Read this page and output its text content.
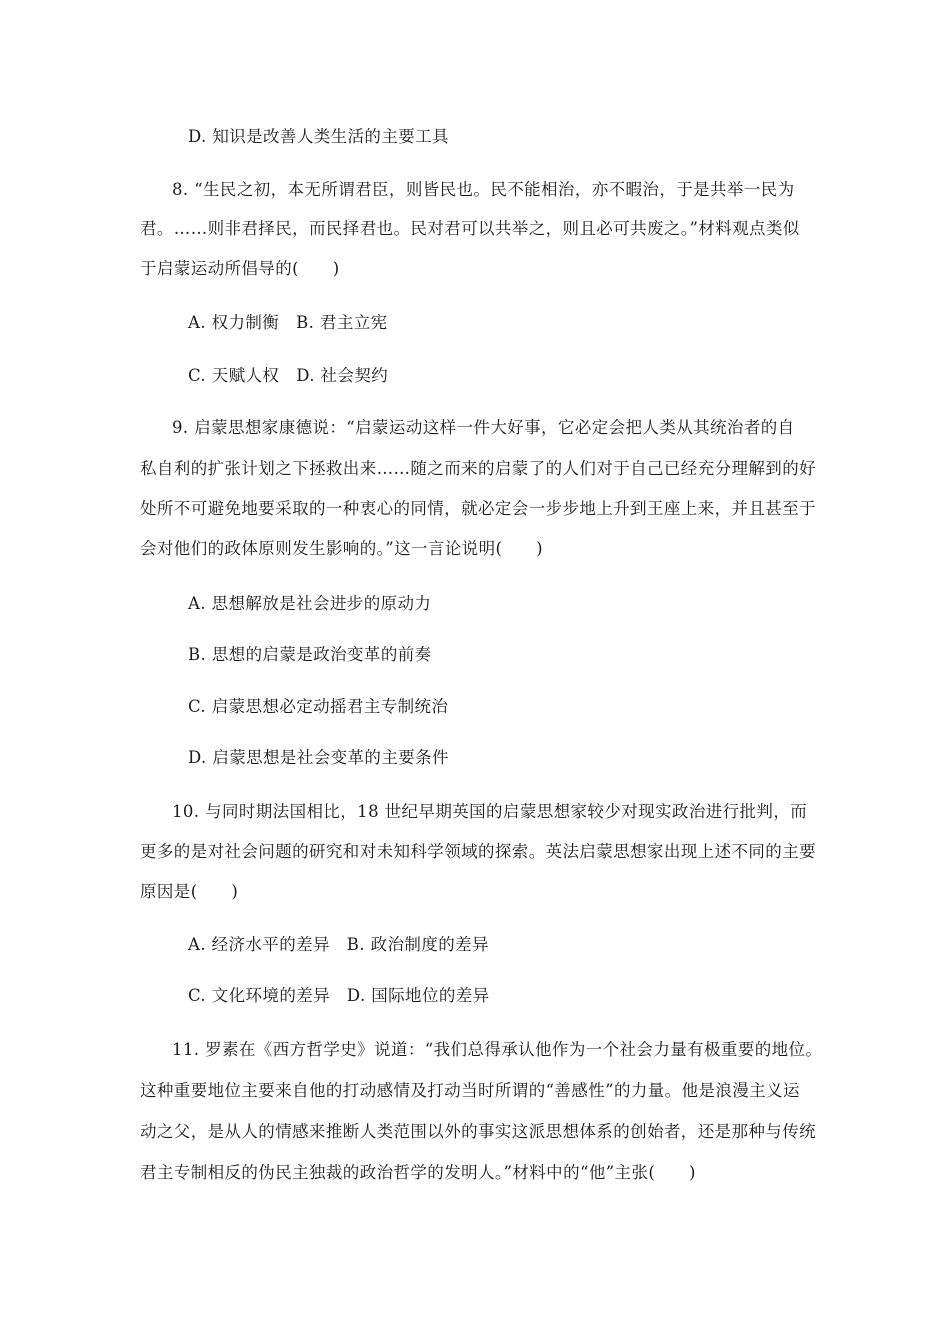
D. 知识是改善人类生活的主要工具
8. “生民之初，本无所谓君臣，则皆民也。民不能相治，亦不暇治，于是共举一民为
君。……则非君择民，而民择君也。民对君可以共举之，则且必可共废之。”材料观点类似
于启蒙运动所倡导的(　　)
A. 权力制衡　B. 君主立宪
C. 天赋人权　D. 社会契约
9. 启蒙思想家康德说：“启蒙运动这样一件大好事，它必定会把人类从其统治者的自
私自利的扩张计划之下拯救出来……随之而来的启蒙了的人们对于自己已经充分理解到的好
处所不可避免地要采取的一种衷心的同情，就必定会一步步地上升到王座上来，并且甚至于
会对他们的政体原则发生影响的。”这一言论说明(　　)
A. 思想解放是社会进步的原动力
B. 思想的启蒙是政治变革的前奏
C. 启蒙思想必定动摇君主专制统治
D. 启蒙思想是社会变革的主要条件
10. 与同时期法国相比，18 世纪早期英国的启蒙思想家较少对现实政治进行批判，而
更多的是对社会问题的研究和对未知科学领域的探索。英法启蒙思想家出现上述不同的主要
原因是(　　)
A. 经济水平的差异　B. 政治制度的差异
C. 文化环境的差异　D. 国际地位的差异
11. 罗素在《西方哲学史》说道：“我们总得承认他作为一个社会力量有极重要的地位。
这种重要地位主要来自他的打动感情及打动当时所谓的“善感性”的力量。他是浪漫主义运
动之父，是从人的情感来推断人类范围以外的事实这派思想体系的创始者，还是那种与传统
君主专制相反的伪民主独裁的政治哲学的发明人。”材料中的“他”主张(　　)
